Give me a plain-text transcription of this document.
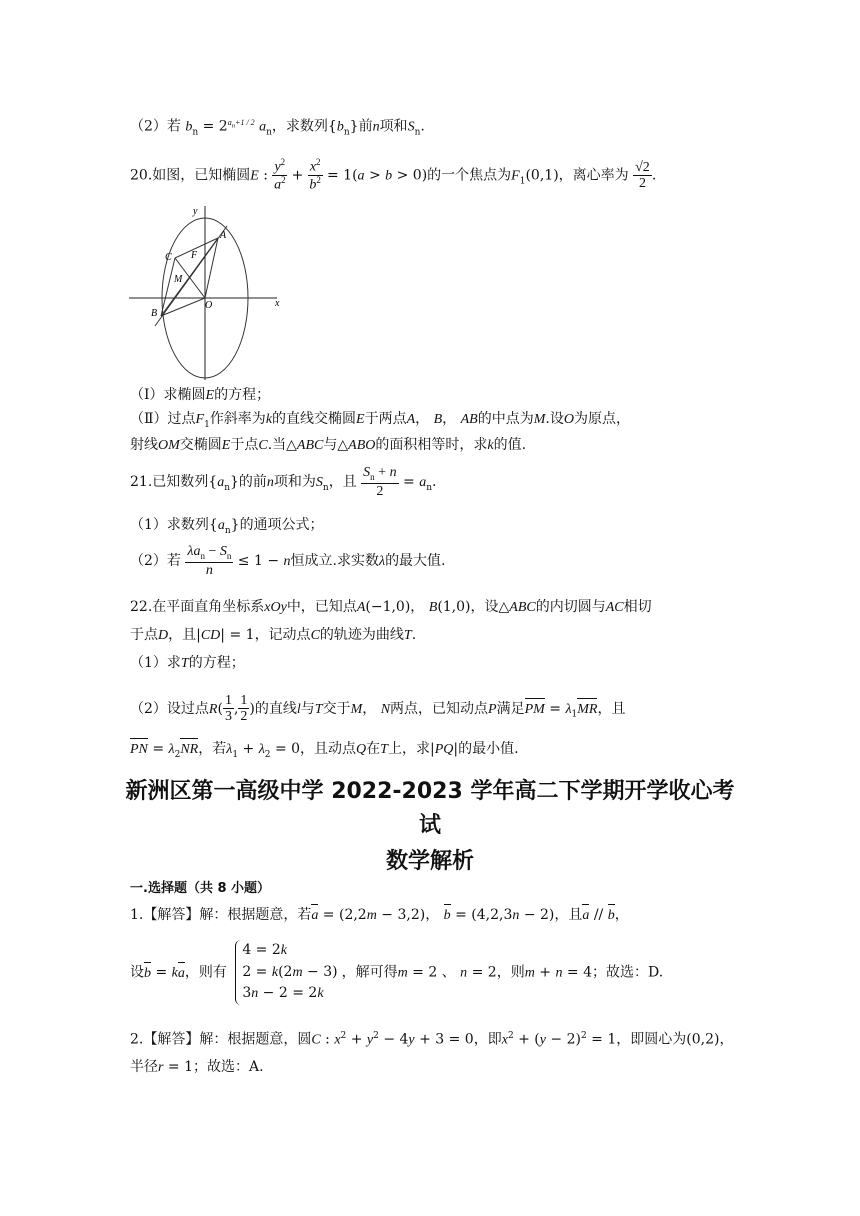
（2）若 $b_n = 2^{a_n+1 / 2}$ $a_n$，求数列$\{b_n\}$前n项和$S_n$.
20.如图，已知椭圆E : $\frac{y^2}{a^2} + \frac{x^2}{b^2} = 1(a > b > 0)$的一个焦点为$F_1(0,1)$，离心率为 $\frac{√2}{2}$ .
y
x
O
A
B
C
M
F
（Ⅰ）求椭圆E的方程；
（Ⅱ）过点$F_1$作斜率为k的直线交椭圆E于两点A， B， AB的中点为M.设O为原点，
射线OM交椭圆E于点C.当△ABC与△ABO的面积相等时，求k的值.
21.已知数列$\{a_n\}$的前n项和为$S_n$，且 $\frac{S_n + n}{2} = a_n$.
（1）求数列$\{a_n\}$的通项公式；
（2）若 $\frac{\lambda a_n - S_n}{n} \le 1 - n$恒成立.求实数λ的最大值.
22.在平面直角坐标系xOy中，已知点A(−1,0)， B(1,0)，设△ABC的内切圆与AC相切
于点D，且|CD| = 1，记动点C的轨迹为曲线T.
（1）求T的方程；
（2）设过点$R( \frac{1}{3}$ , $\frac{1}{2}$ )的直线l与T交于M， N两点，已知动点P满足PM = $\lambda_1MR$，且
PN = $\lambda_2NR$，若$\lambda_1 + \lambda_2 = 0$，且动点Q在T上，求|PQ|的最小值.
新洲区第一高级中学 2022-2023 学年高二下学期开学收心考
试
数学解析
一.选择题（共 8 小题）
1.【解答】解：根据题意，若a = (2,2m − 3,2)， b = (4,2,3n − 2)，且a // b，
设b = ka，则有
4 = 2k
2 = k(2m − 3)
3n − 2 = 2k
，解可得m = 2 、 n = 2，则m + n = 4；故选：D.
2.【解答】解：根据题意，圆C : $x^2 + y^2 - 4y + 3 = 0$，即$x^2 + (y - 2)^2 = 1$，即圆心为(0,2)，
半径r = 1；故选：A.
